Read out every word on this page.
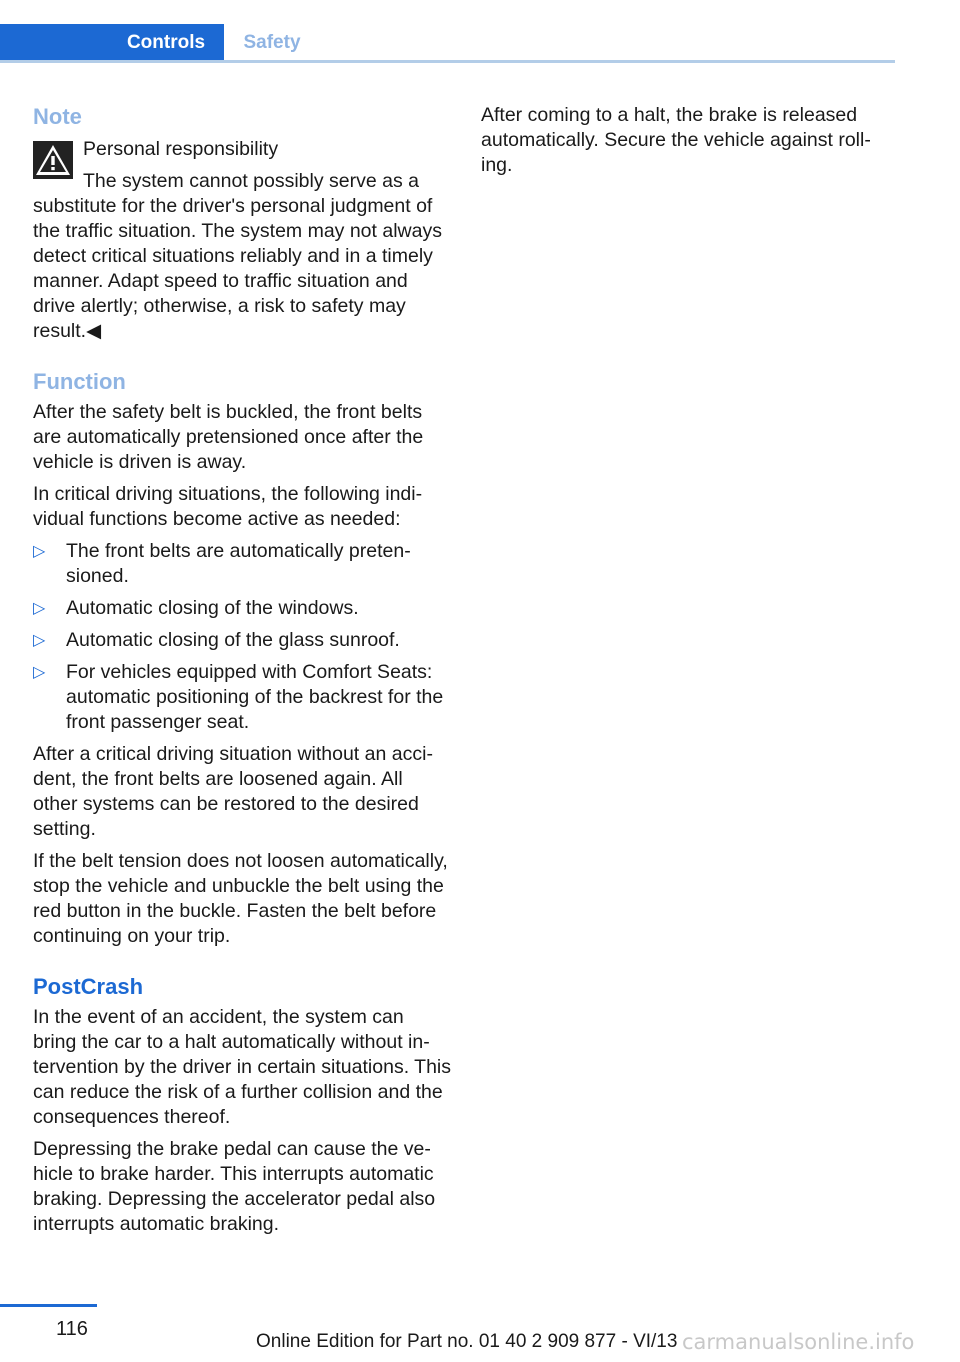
Controls	Safety
Note
Personal responsibility

The system cannot possibly serve as a substitute for the driver's personal judgment of the traffic situation. The system may not always detect critical situations reliably and in a timely manner. Adapt speed to traffic situation and drive alertly; otherwise, a risk to safety may result.◀

Function

After the safety belt is buckled, the front belts are automatically pretensioned once after the vehicle is driven is away.

In critical driving situations, the following individual functions become active as needed:

▷ The front belts are automatically pretensioned.
▷ Automatic closing of the windows.
▷ Automatic closing of the glass sunroof.
▷ For vehicles equipped with Comfort Seats: automatic positioning of the backrest for the front passenger seat.

After a critical driving situation without an accident, the front belts are loosened again. All other systems can be restored to the desired setting.

If the belt tension does not loosen automatically, stop the vehicle and unbuckle the belt using the red button in the buckle. Fasten the belt before continuing on your trip.

PostCrash

In the event of an accident, the system can bring the car to a halt automatically without intervention by the driver in certain situations. This can reduce the risk of a further collision and the consequences thereof.

Depressing the brake pedal can cause the vehicle to brake harder. This interrupts automatic braking. Depressing the accelerator pedal also interrupts automatic braking.

After coming to a halt, the brake is released automatically. Secure the vehicle against rolling.

116
Online Edition for Part no. 01 40 2 909 877 - VI/13 carmanualsonline.info
